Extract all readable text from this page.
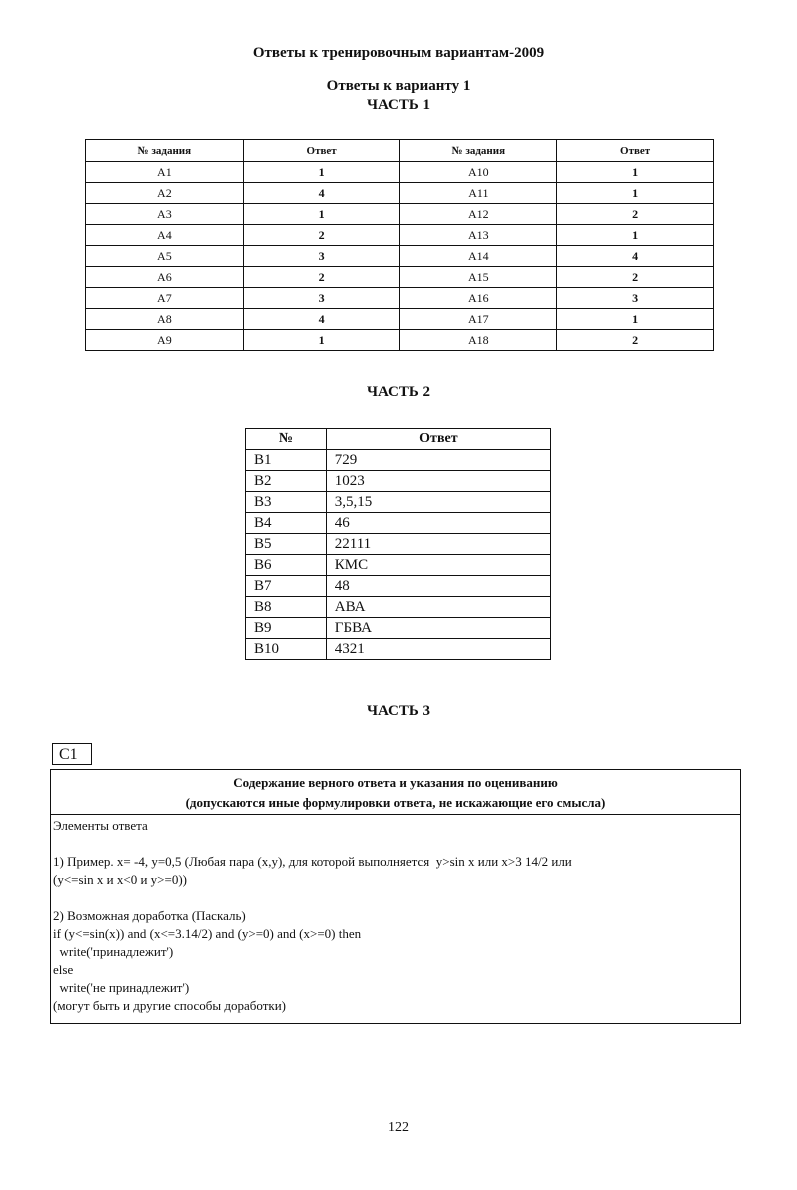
Ответы к тренировочным вариантам-2009
Ответы к варианту 1
ЧАСТЬ 1
№ задания	Ответ	№ задания	Ответ
A1	1	A10	1
A2	4	A11	1
A3	1	A12	2
A4	2	A13	1
A5	3	A14	4
A6	2	A15	2
A7	3	A16	3
A8	4	A17	1
A9	1	A18	2
ЧАСТЬ 2
№	Ответ
B1	729
B2	1023
B3	3,5,15
B4	46
B5	22111
B6	КМС
B7	48
B8	АВА
B9	ГБВА
B10	4321
ЧАСТЬ 3
C1
Содержание верного ответа и указания по оцениванию
(допускаются иные формулировки ответа, не искажающие его смысла)
Элементы ответа
1) Пример. x= -4, y=0,5 (Любая пара (x,y), для которой выполняется  y>sin x или x>3 14/2 или
(y<=sin x и x<0 и y>=0))
2) Возможная доработка (Паскаль)
if (y<=sin(x)) and (x<=3.14/2) and (y>=0) and (x>=0) then
write('принадлежит')
else
write('не принадлежит')
(могут быть и другие способы доработки)
122
